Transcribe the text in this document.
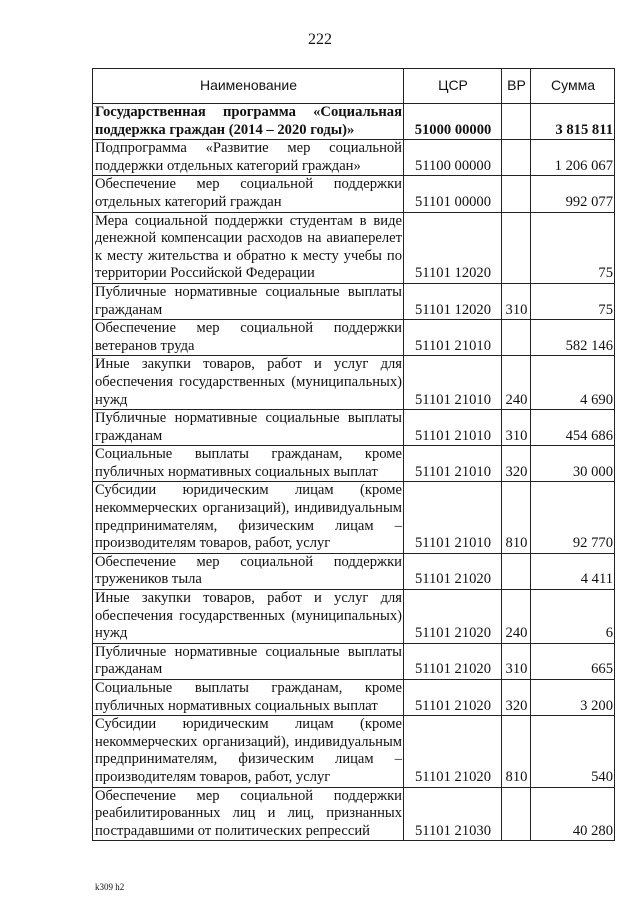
222
Наименование	ЦСР	ВР	Сумма
Государственная программа «Социальная поддержка граждан (2014 – 2020 годы)»	51000 00000		3 815 811
Подпрограмма «Развитие мер социальной поддержки отдельных категорий граждан»	51100 00000		1 206 067
Обеспечение мер социальной поддержки отдельных категорий граждан	51101 00000		992 077
Мера социальной поддержки студентам в виде денежной компенсации расходов на авиаперелет к месту жительства и обратно к месту учебы по территории Российской Федерации	51101 12020		75
Публичные нормативные социальные выплаты гражданам	51101 12020	310	75
Обеспечение мер социальной поддержки ветеранов труда	51101 21010		582 146
Иные закупки товаров, работ и услуг для обеспечения государственных (муниципальных) нужд	51101 21010	240	4 690
Публичные нормативные социальные выплаты гражданам	51101 21010	310	454 686
Социальные выплаты гражданам, кроме публичных нормативных социальных выплат	51101 21010	320	30 000
Субсидии юридическим лицам (кроме некоммерческих организаций), индивидуальным предпринимателям, физическим лицам – производителям товаров, работ, услуг	51101 21010	810	92 770
Обеспечение мер социальной поддержки тружеников тыла	51101 21020		4 411
Иные закупки товаров, работ и услуг для обеспечения государственных (муниципальных) нужд	51101 21020	240	6
Публичные нормативные социальные выплаты гражданам	51101 21020	310	665
Социальные выплаты гражданам, кроме публичных нормативных социальных выплат	51101 21020	320	3 200
Субсидии юридическим лицам (кроме некоммерческих организаций), индивидуальным предпринимателям, физическим лицам – производителям товаров, работ, услуг	51101 21020	810	540
Обеспечение мер социальной поддержки реабилитированных лиц и лиц, признанных пострадавшими от политических репрессий	51101 21030		40 280
k309 h2
